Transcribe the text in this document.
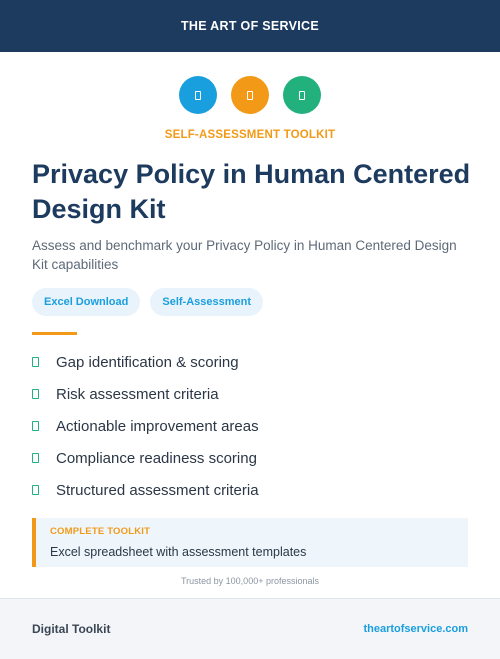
THE ART OF SERVICE
SELF-ASSESSMENT TOOLKIT
Privacy Policy in Human Centered Design Kit

Assess and benchmark your Privacy Policy in Human Centered Design Kit capabilities

Excel Download	Self-Assessment
Gap identification & scoring
Risk assessment criteria
Actionable improvement areas
Compliance readiness scoring
Structured assessment criteria
COMPLETE TOOLKIT
Excel spreadsheet with assessment templates
Trusted by 100,000+ professionals
Digital Toolkit	theartofservice.com
